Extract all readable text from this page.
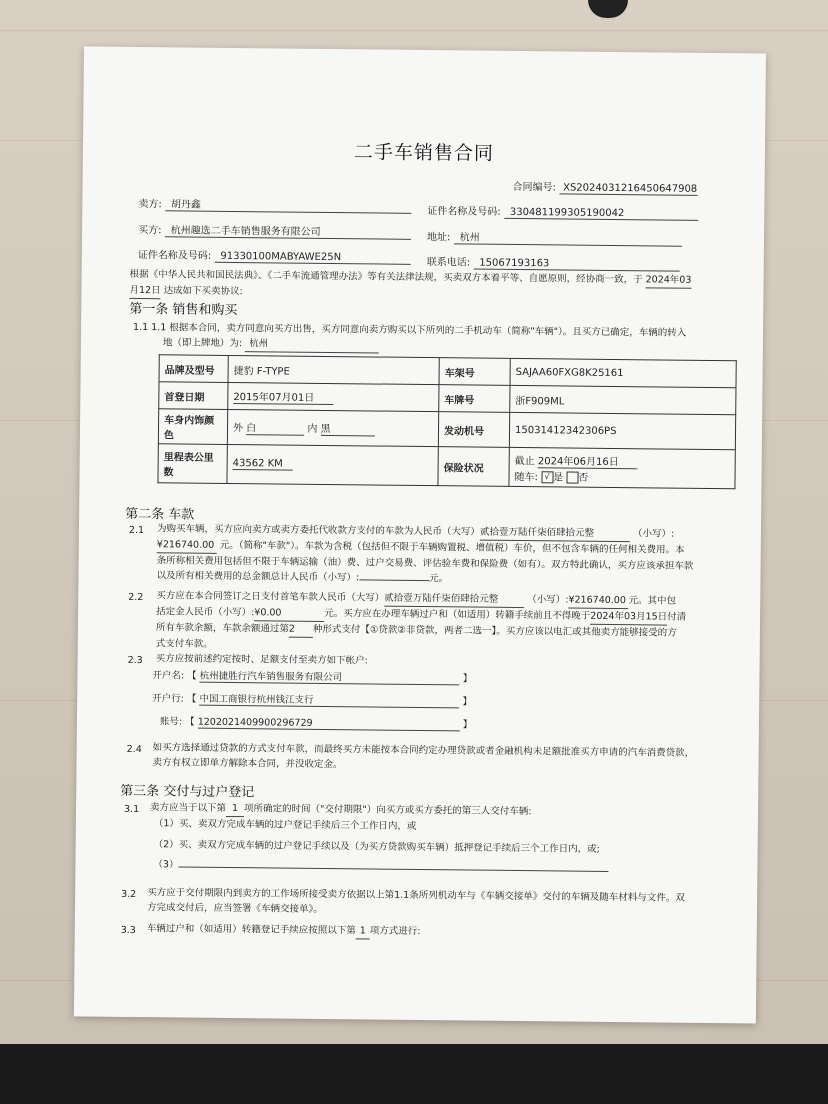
二手车销售合同
合同编号: XS2024031216450647908
卖方: 胡丹鑫
证件名称及号码: 330481199305190042
买方: 杭州趣选二手车销售服务有限公司	地址: 杭州
证件名称及号码: 91330100MABYAWE25N	联系电话: 15067193163
根据《中华人民共和国民法典》、《二手车流通管理办法》等有关法律法规，买卖双方本着平等、自愿原则，经协商一致，于 2024年03
月12日 达成如下买卖协议:
第一条 销售和购买
1.1 1.1 根据本合同，卖方同意向买方出售，买方同意向卖方购买以下所列的二手机动车（简称"车辆"）。且买方已确定，车辆的转入
地（即上牌地）为: 杭州
品牌及型号	捷豹 F-TYPE	车架号	SAJAA60FXG8K25161
首登日期	2015年07月01日	车牌号	浙F909ML
车身内饰颜色	外 白 内 黑	发动机号	15031412342306PS
里程表公里数	43562 KM	保险状况	截止 2024年06月16日
随车: √ 是 否
第二条 车款
2.1 为购买车辆，买方应向卖方或卖方委托代收款方支付的车款为人民币（大写）贰拾壹万陆仟柒佰肆拾元整	（小写）:
¥216740.00 元。（简称"车款"）。车款为含税（包括但不限于车辆购置税、增值税）车价，但不包含车辆的任何相关费用。本
条所称相关费用包括但不限于车辆运输（油）费、过户交易费、评估验车费和保险费（如有）。双方特此确认，买方应该承担车款
以及所有相关费用的总金额总计人民币（小写）:	元。
2.2 买方应在本合同签订之日支付首笔车款人民币（大写）贰拾壹万陆仟柒佰肆拾元整	（小写）:¥216740.00 元。其中包
括定金人民币（小写）:¥0.00	元。买方应在办理车辆过户和（如适用）转籍手续前且不得晚于2024年03月15日付清
所有车款余额，车款余额通过第2 种形式支付【①贷款②非贷款，两者二选一】。买方应该以电汇或其他卖方能够接受的方
式支付车款。
2.3 买方应按前述约定按时、足额支付至卖方如下帐户:
开户名: 【 杭州捷胜行汽车销售服务有限公司	】
开户行: 【 中国工商银行杭州钱江支行	】
账号: 【 1202021409900296729	】
2.4 如买方选择通过贷款的方式支付车款，而最终买方未能按本合同约定办理贷款或者金融机构未足额批准买方申请的汽车消费贷款，
卖方有权立即单方解除本合同，并没收定金。
第三条 交付与过户登记
3.1 卖方应当于以下第 1 项所确定的时间（"交付期限"）向买方或买方委托的第三人交付车辆:
（1）买、卖双方完成车辆的过户登记手续后三个工作日内，或
（2）买、卖双方完成车辆的过户登记手续以及（为买方贷款购买车辆）抵押登记手续后三个工作日内，或;
（3）
3.2 买方应于交付期限内到卖方的工作场所接受卖方依据以上第1.1条所列机动车与《车辆交接单》交付的车辆及随车材料与文件。双
方完成交付后，应当签署《车辆交接单》。
3.3 车辆过户和（如适用）转籍登记手续应按照以下第 1 项方式进行:
